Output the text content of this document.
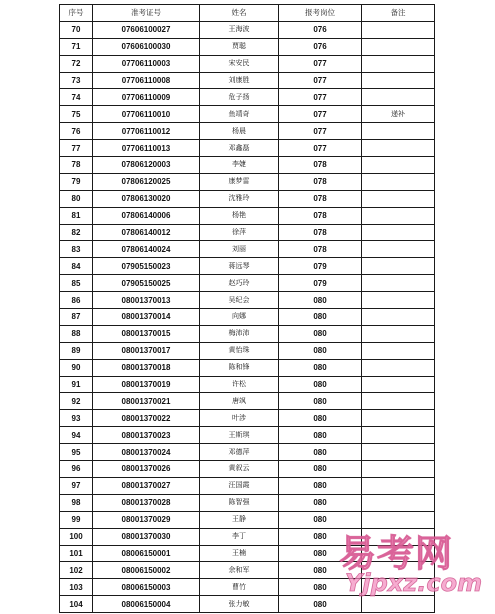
序号	准考证号	姓名	报考岗位	备注
70	07606100027	王海波	076	
71	07606100030	贾聪	076	
72	07706110003	宋安民	077	
73	07706110008	刘康胜	077	
74	07706110009	危子扬	077	
75	07706110010	鱼靖奇	077	递补
76	07706110012	杨晨	077	
77	07706110013	邓鑫磊	077	
78	07806120003	李婕	078	
79	07806120025	康梦雷	078	
80	07806130020	沈雅玲	078	
81	07806140006	杨艳	078	
82	07806140012	徐萍	078	
83	07806140024	刘丽	078	
84	07905150023	蒋远琴	079	
85	07905150025	赵巧玲	079	
86	08001370013	吴纪会	080	
87	08001370014	向娜	080	
88	08001370015	梅沛沛	080	
89	08001370017	黄怡珠	080	
90	08001370018	陈和锋	080	
91	08001370019	许松	080	
92	08001370021	唐飒	080	
93	08001370022	叶涉	080	
94	08001370023	王斯琪	080	
95	08001370024	邓德萍	080	
96	08001370026	黄叙云	080	
97	08001370027	汪国霞	080	
98	08001370028	陈智强	080	
99	08001370029	王静	080	
100	08001370030	李丁	080	
101	08006150001	王楠	080	
102	08006150002	余和军	080	
103	08006150003	曹竹	080	
104	08006150004	张力敏	080	
易考网
Yjpxz.com
